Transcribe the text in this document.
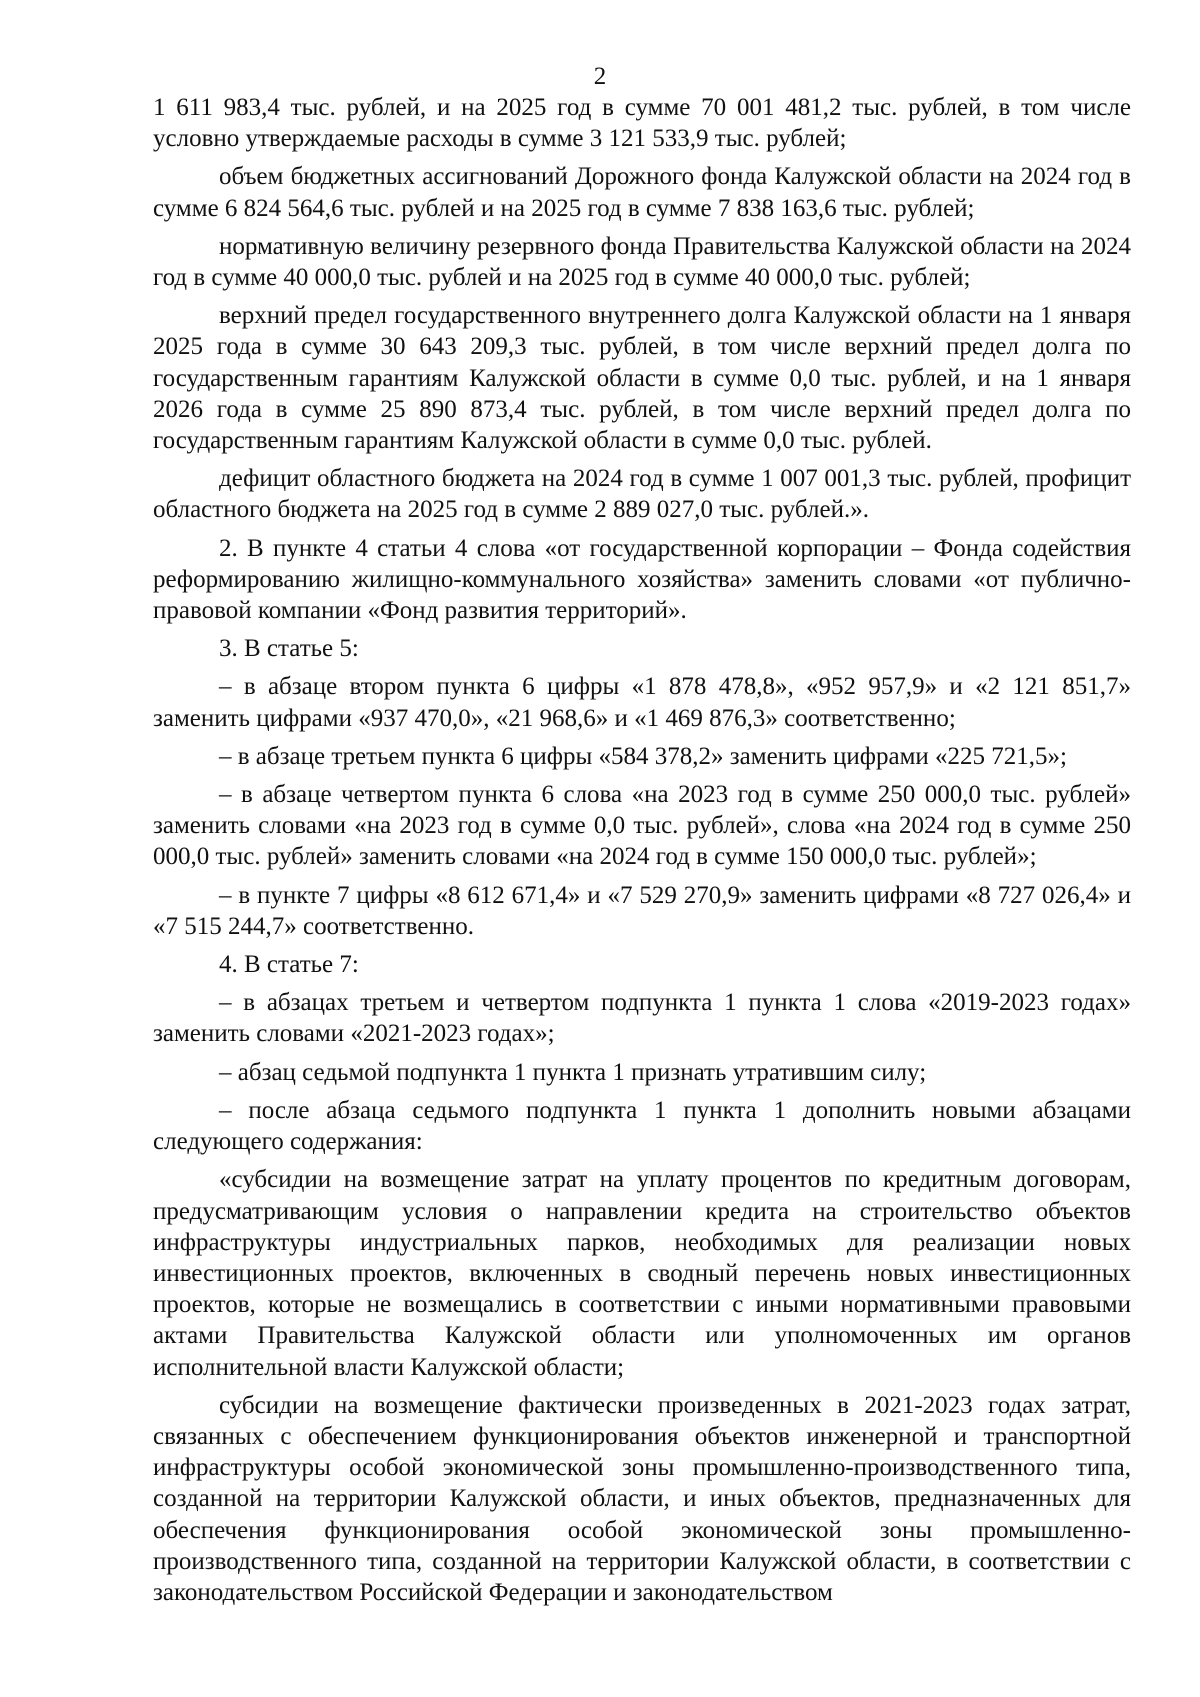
2

1 611 983,4 тыс. рублей, и на 2025 год в сумме 70 001 481,2 тыс. рублей, в том числе условно утверждаемые расходы в сумме 3 121 533,9 тыс. рублей;

объем бюджетных ассигнований Дорожного фонда Калужской области на 2024 год в сумме 6 824 564,6 тыс. рублей и на 2025 год в сумме 7 838 163,6 тыс. рублей;

нормативную величину резервного фонда Правительства Калужской области на 2024 год в сумме 40 000,0 тыс. рублей и на 2025 год в сумме 40 000,0 тыс. рублей;

верхний предел государственного внутреннего долга Калужской области на 1 января 2025 года в сумме 30 643 209,3 тыс. рублей, в том числе верхний предел долга по государственным гарантиям Калужской области в сумме 0,0 тыс. рублей, и на 1 января 2026 года в сумме 25 890 873,4 тыс. рублей, в том числе верхний предел долга по государственным гарантиям Калужской области в сумме 0,0 тыс. рублей.

дефицит областного бюджета на 2024 год в сумме 1 007 001,3 тыс. рублей, профицит областного бюджета на 2025 год в сумме 2 889 027,0 тыс. рублей.».

2. В пункте 4 статьи 4 слова «от государственной корпорации – Фонда содействия реформированию жилищно-коммунального хозяйства» заменить словами «от публично-правовой компании «Фонд развития территорий».

3. В статье 5:

– в абзаце втором пункта 6 цифры «1 878 478,8», «952 957,9» и «2 121 851,7» заменить цифрами «937 470,0», «21 968,6» и «1 469 876,3» соответственно;

– в абзаце третьем пункта 6 цифры «584 378,2» заменить цифрами «225 721,5»;

– в абзаце четвертом пункта 6 слова «на 2023 год в сумме 250 000,0 тыс. рублей» заменить словами «на 2023 год в сумме 0,0 тыс. рублей», слова «на 2024 год в сумме 250 000,0 тыс. рублей» заменить словами «на 2024 год в сумме 150 000,0 тыс. рублей»;

– в пункте 7 цифры «8 612 671,4» и «7 529 270,9» заменить цифрами «8 727 026,4» и «7 515 244,7» соответственно.

4. В статье 7:

– в абзацах третьем и четвертом подпункта 1 пункта 1 слова «2019-2023 годах» заменить словами «2021-2023 годах»;

– абзац седьмой подпункта 1 пункта 1 признать утратившим силу;

– после абзаца седьмого подпункта 1 пункта 1 дополнить новыми абзацами следующего содержания:

«субсидии на возмещение затрат на уплату процентов по кредитным договорам, предусматривающим условия о направлении кредита на строительство объектов инфраструктуры индустриальных парков, необходимых для реализации новых инвестиционных проектов, включенных в сводный перечень новых инвестиционных проектов, которые не возмещались в соответствии с иными нормативными правовыми актами Правительства Калужской области или уполномоченных им органов исполнительной власти Калужской области;

субсидии на возмещение фактически произведенных в 2021-2023 годах затрат, связанных с обеспечением функционирования объектов инженерной и транспортной инфраструктуры особой экономической зоны промышленно-производственного типа, созданной на территории Калужской области, и иных объектов, предназначенных для обеспечения функционирования особой экономической зоны промышленно-производственного типа, созданной на территории Калужской области, в соответствии с законодательством Российской Федерации и законодательством
